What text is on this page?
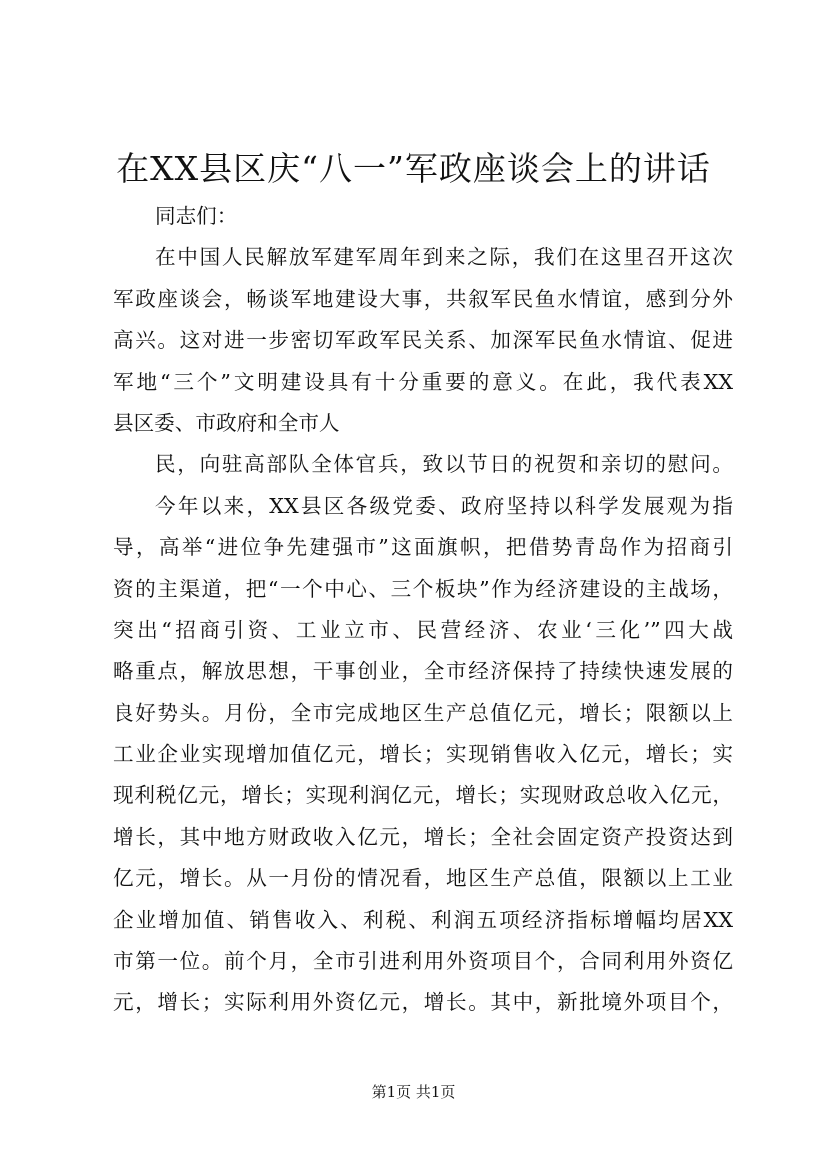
在XX县区庆“八一”军政座谈会上的讲话
同志们：
在中国人民解放军建军周年到来之际，我们在这里召开这次
军政座谈会，畅谈军地建设大事，共叙军民鱼水情谊，感到分外
高兴。这对进一步密切军政军民关系、加深军民鱼水情谊、促进
军地“三个”文明建设具有十分重要的意义。在此，我代表XX
县区委、市政府和全市人
民，向驻高部队全体官兵，致以节日的祝贺和亲切的慰问。
今年以来，XX县区各级党委、政府坚持以科学发展观为指
导，高举“进位争先建强市”这面旗帜，把借势青岛作为招商引
资的主渠道，把“一个中心、三个板块”作为经济建设的主战场，
突出“招商引资、工业立市、民营经济、农业‘三化’”四大战
略重点，解放思想，干事创业，全市经济保持了持续快速发展的
良好势头。月份，全市完成地区生产总值亿元，增长；限额以上
工业企业实现增加值亿元，增长；实现销售收入亿元，增长；实
现利税亿元，增长；实现利润亿元，增长；实现财政总收入亿元，
增长，其中地方财政收入亿元，增长；全社会固定资产投资达到
亿元，增长。从一月份的情况看，地区生产总值，限额以上工业
企业增加值、销售收入、利税、利润五项经济指标增幅均居XX
市第一位。前个月，全市引进利用外资项目个，合同利用外资亿
元，增长；实际利用外资亿元，增长。其中，新批境外项目个，
第1页 共1页
